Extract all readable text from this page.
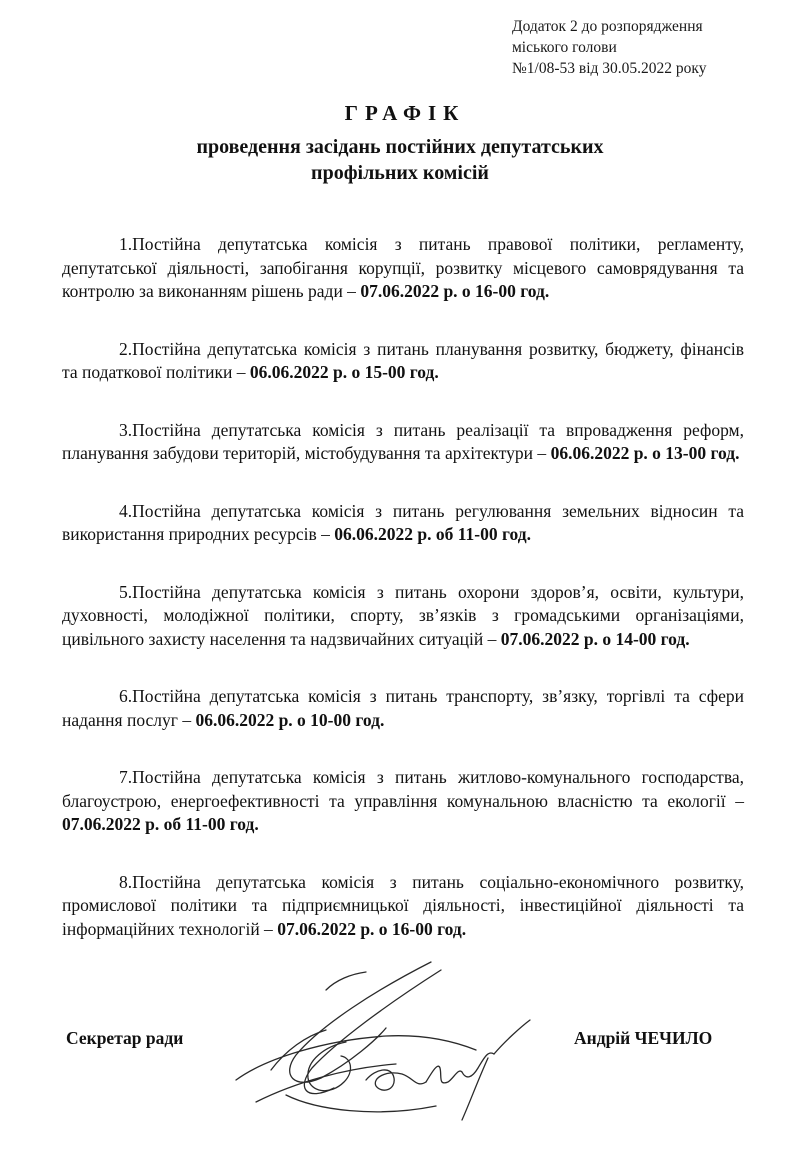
Додаток 2 до розпорядження
міського голови
№1/08-53 від 30.05.2022 року
ГРАФІК
проведення засідань постійних депутатських
профільних комісій

1.Постійна депутатська комісія з питань правової політики, регламенту, депутатської діяльності, запобігання корупції, розвитку місцевого самоврядування та контролю за виконанням рішень ради – 07.06.2022 р. о 16-00 год.

2.Постійна депутатська комісія з питань планування розвитку, бюджету, фінансів та податкової політики – 06.06.2022 р. о 15-00 год.

3.Постійна депутатська комісія з питань реалізації та впровадження реформ, планування забудови територій, містобудування та архітектури – 06.06.2022 р. о 13-00 год.

4.Постійна депутатська комісія з питань регулювання земельних відносин та використання природних ресурсів – 06.06.2022 р. об 11-00 год.

5.Постійна депутатська комісія з питань охорони здоров’я, освіти, культури, духовності, молодіжної політики, спорту, зв’язків з громадськими організаціями, цивільного захисту населення та надзвичайних ситуацій – 07.06.2022 р. о 14-00 год.

6.Постійна депутатська комісія з питань транспорту, зв’язку, торгівлі та сфери надання послуг – 06.06.2022 р. о 10-00 год.

7.Постійна депутатська комісія з питань житлово-комунального господарства, благоустрою, енергоефективності та управління комунальною власністю та екології – 07.06.2022 р. об 11-00 год.

8.Постійна депутатська комісія з питань соціально-економічного розвитку, промислової політики та підприємницької діяльності, інвестиційної діяльності та інформаційних технологій – 07.06.2022 р. о 16-00 год.

Секретар ради	Андрій ЧЕЧИЛО
